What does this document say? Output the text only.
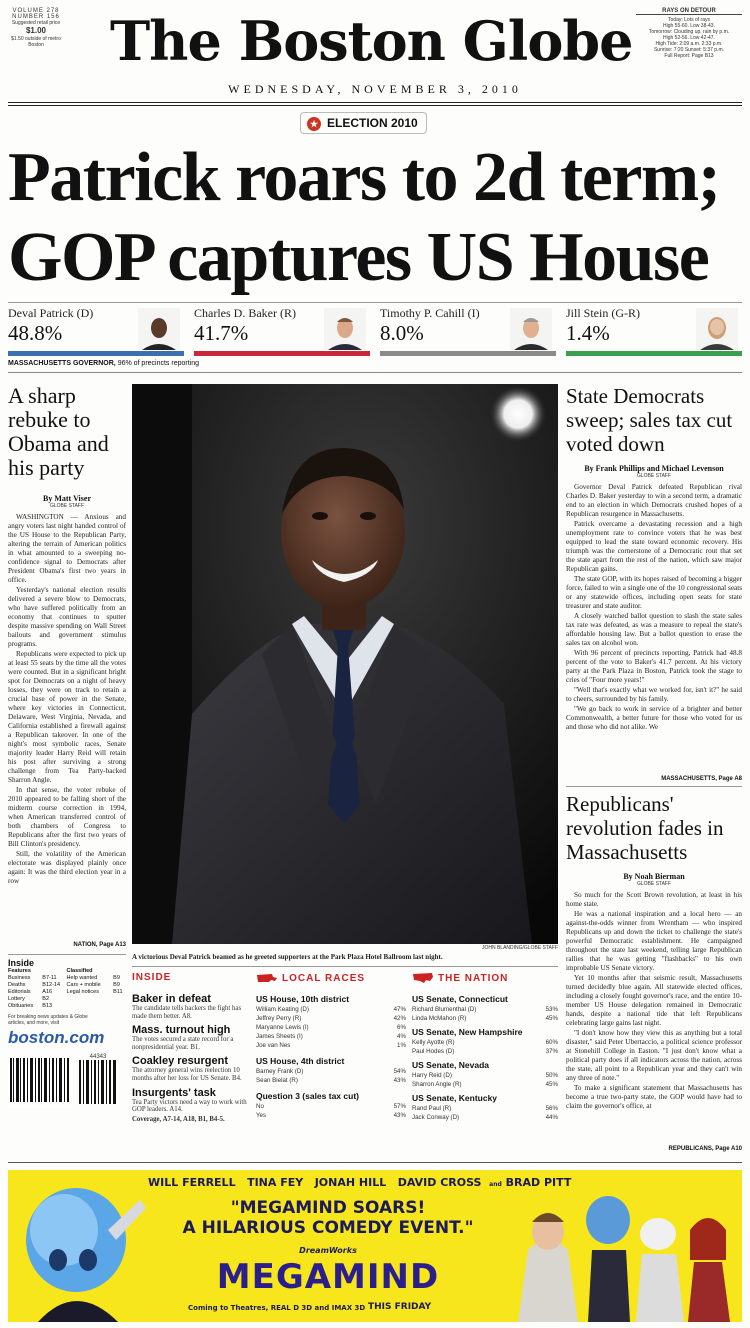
VOLUME 278
NUMBER 156
Suggested retail price
$1.00
$1.50 outside of metro Boston	The Boston Globe	RAYS ON DETOUR
Today: Lots of rays
High 55-60. Low 38-43.
Tomorrow: Clouding up, rain by p.m.
High 52-56. Low 42-47.
High Tide: 2:09 a.m. 2:33 p.m.
Sunrise: 7:20 Sunset: 5:37 p.m.
Full Report: Page B13
WEDNESDAY, NOVEMBER 3, 2010
★ ELECTION 2010
Patrick roars to 2d term;
GOP captures US House
Deval Patrick (D)
48.8%
Charles D. Baker (R)
41.7%
Timothy P. Cahill (I)
8.0%
Jill Stein (G-R)
1.4%
MASSACHUSETTS GOVERNOR, 96% of precincts reporting
A sharp rebuke to Obama and his party
By Matt Viser
GLOBE STAFF

WASHINGTON — Anxious and angry voters last night handed control of the US House to the Republican Party, altering the terrain of American politics in what amounted to a sweeping no-confidence signal to Democrats after President Obama's first two years in office.

Yesterday's national election results delivered a severe blow to Democrats, who have suffered politically from an economy that continues to sputter despite massive spending on Wall Street bailouts and government stimulus programs.

Republicans were expected to pick up at least 55 seats by the time all the votes were counted. But in a significant bright spot for Democrats on a night of heavy losses, they were on track to retain a crucial base of power in the Senate, where key victories in Connecticut, Delaware, West Virginia, Nevada, and California established a firewall against a Republican takeover. In one of the night's most symbolic races, Senate majority leader Harry Reid will retain his post after surviving a strong challenge from Tea Party-backed Sharron Angle.

In that sense, the voter rebuke of 2010 appeared to be falling short of the midterm course correction in 1994, when American transferred control of both chambers of Congress to Republicans after the first two years of Bill Clinton's presidency.

Still, the volatility of the American electorate was displayed plainly once again: It was the third election year in a row

NATION, Page A13	JOHN BLANDING/GLOBE STAFF
A victorious Deval Patrick beamed as he greeted supporters at the Park Plaza Hotel Ballroom last night.
State Democrats sweep; sales tax cut voted down
By Frank Phillips and Michael Levenson
GLOBE STAFF

Governor Deval Patrick defeated Republican rival Charles D. Baker yesterday to win a second term, a dramatic end to an election in which Democrats crushed hopes of a Republican resurgence in Massachusetts.

Patrick overcame a devastating recession and a high unemployment rate to convince voters that he was best equipped to lead the state toward economic recovery. His triumph was the cornerstone of a Democratic rout that set the state apart from the rest of the nation, which saw major Republican gains.

The state GOP, with its hopes raised of becoming a bigger force, failed to win a single one of the 10 congressional seats or any statewide offices, including open seats for state treasurer and state auditor.

A closely watched ballot question to slash the state sales tax rate was defeated, as was a measure to repeal the state's affordable housing law. But a ballot question to erase the sales tax on alcohol won.

With 96 percent of precincts reporting, Patrick had 48.8 percent of the vote to Baker's 41.7 percent. At his victory party at the Park Plaza in Boston, Patrick took the stage to cries of "Four more years!"

"Well that's exactly what we worked for, isn't it?" he said to cheers, surrounded by his family.

"We go back to work in service of a brighter and better Commonwealth, a better future for those who voted for us and those who did not alike. We

MASSACHUSETTS, Page A8
Republicans' revolution fades in Massachusetts
By Noah Bierman
GLOBE STAFF

So much for the Scott Brown revolution, at least in his home state.

He was a national inspiration and a local hero — an against-the-odds winner from Wrentham — who inspired Republicans up and down the ticket to challenge the state's powerful Democratic establishment. He campaigned throughout the state last weekend, telling large Republican rallies that he was getting "flashbacks" to his own improbable US Senate victory.

Yet 10 months after that seismic result, Massachusetts turned decidedly blue again. All statewide elected offices, including a closely fought governor's race, and the entire 10-member US House delegation remained in Democratic hands, despite a national tide that left Republicans celebrating large gains last night.

"I don't know how they view this as anything but a total disaster," said Peter Ubertaccio, a political science professor at Stonehill College in Easton. "I just don't know what a political party does if all indicators across the nation, across the state, all point to a Republican year and they can't win any three of note."

To make a significant statement that Massachusetts has become a true two-party state, the GOP would have had to claim the governor's office, at

REPUBLICANS, Page A10
Inside
Features		Classified	
Business	B7-11	Help wanted	B9
Deaths	B12-14	Cars + mobile	B9
Editorials	A16	Legal notices	B11
Lottery	B2		
Obituaries	B13		
For breaking news updates & Globe articles, and more, visit
boston.com
44343
INSIDE
Baker in defeat
The candidate tells backers the fight has made them better. A8.
Mass. turnout high
The votes secured a state record for a nonpresidential year. B1.
Coakley resurgent
The attorney general wins reelection 10 months after her loss for US Senate. B4.
Insurgents' task
Tea Party victors need a way to work with GOP leaders. A14.
Coverage, A7-14, A18, B1, B4-5.
LOCAL RACES
US House, 10th district
William Keating (D)	47%
Jeffrey Perry (R)	42%
Maryanne Lewis (I)	6%
James Sheets (I)	4%
Joe van Nes	1%
US House, 4th district
Barney Frank (D)	54%
Sean Bielat (R)	43%
Question 3 (sales tax cut)
No	57%
Yes	43%
THE NATION
US Senate, Connecticut
Richard Blumenthal (D)	53%
Linda McMahon (R)	45%
US Senate, New Hampshire
Kelly Ayotte (R)	60%
Paul Hodes (D)	37%
US Senate, Nevada
Harry Reid (D)	50%
Sharron Angle (R)	45%
US Senate, Kentucky
Rand Paul (R)	56%
Jack Conway (D)	44%
WILL FERRELL TINA FEY JONAH HILL DAVID CROSS and BRAD PITT
"MEGAMIND SOARS!
A HILARIOUS COMEDY EVENT."
DreamWorks
MEGAMIND
Coming to Theatres, REAL D 3D and IMAX 3D THIS FRIDAY
